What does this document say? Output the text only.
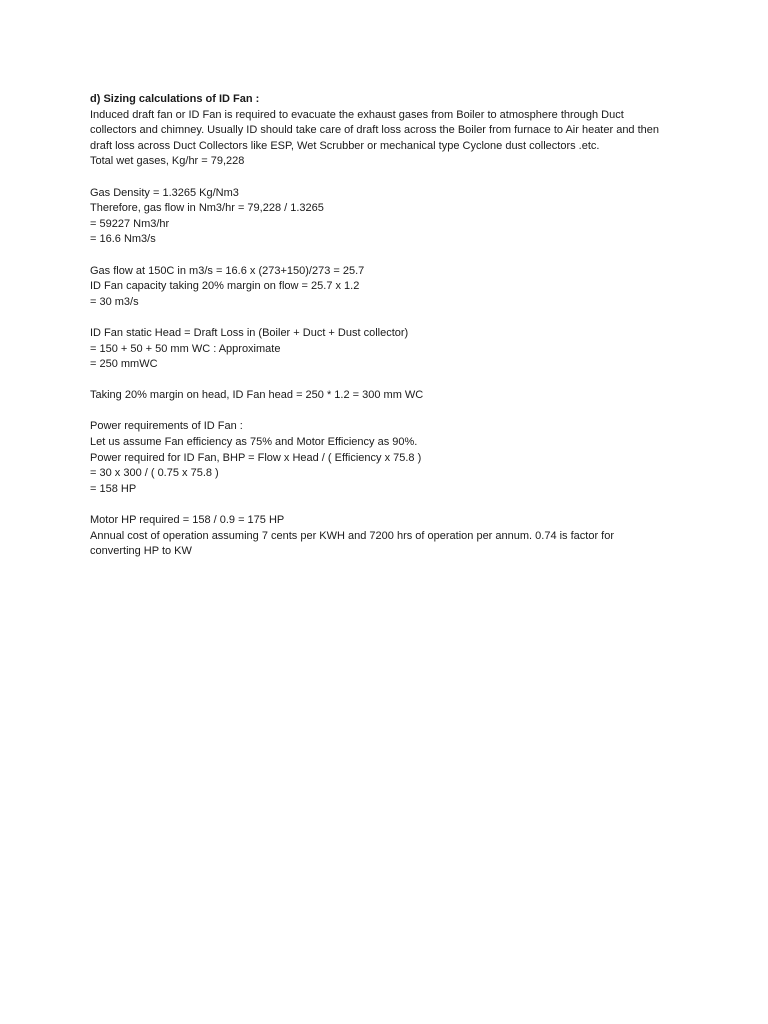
d) Sizing calculations of ID Fan :
Induced draft fan or ID Fan is required to evacuate the exhaust gases from Boiler to atmosphere through Duct
collectors and chimney. Usually ID should take care of draft loss across the Boiler from furnace to Air heater and then
draft loss across Duct Collectors like ESP, Wet Scrubber or mechanical type Cyclone dust collectors .etc.
Total wet gases, Kg/hr = 79,228
Gas Density = 1.3265 Kg/Nm3
Therefore, gas flow in Nm3/hr = 79,228 / 1.3265
= 59227 Nm3/hr
= 16.6 Nm3/s
Gas flow at 150C in m3/s = 16.6 x (273+150)/273 = 25.7
ID Fan capacity taking 20% margin on flow = 25.7 x 1.2
= 30 m3/s
ID Fan static Head = Draft Loss in (Boiler + Duct + Dust collector)
= 150 + 50 + 50 mm WC : Approximate
= 250 mmWC
Taking 20% margin on head, ID Fan head = 250 * 1.2 = 300 mm WC
Power requirements of ID Fan :
Let us assume Fan efficiency as 75% and Motor Efficiency as 90%.
Power required for ID Fan, BHP = Flow x Head / ( Efficiency x 75.8 )
= 30 x 300 / ( 0.75 x 75.8 )
= 158 HP
Motor HP required = 158 / 0.9 = 175 HP
Annual cost of operation assuming 7 cents per KWH and 7200 hrs of operation per annum. 0.74 is factor for
converting HP to KW
